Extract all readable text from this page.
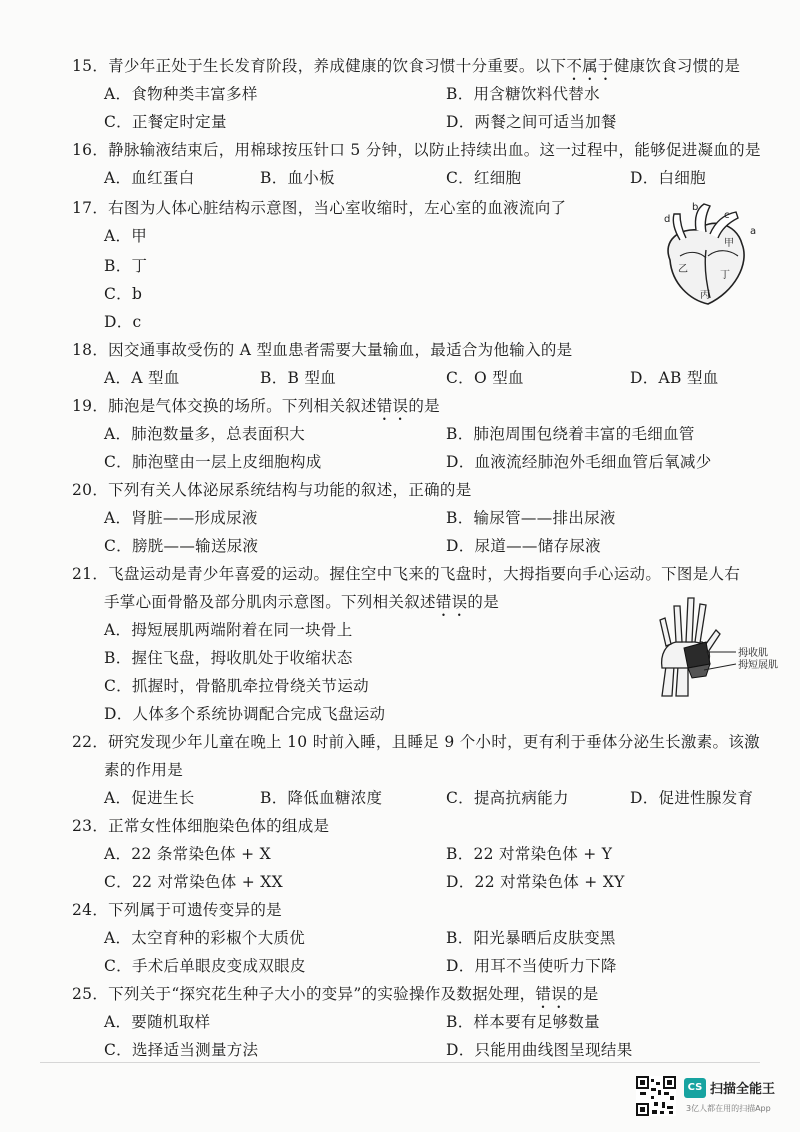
15．青少年正处于生长发育阶段，养成健康的饮食习惯十分重要。以下不属于健康饮食习惯的是
A．食物种类丰富多样	B．用含糖饮料代替水
C．正餐定时定量	D．两餐之间可适当加餐
16．静脉输液结束后，用棉球按压针口 5 分钟，以防止持续出血。这一过程中，能够促进凝血的是
A．血红蛋白	B．血小板	C．红细胞	D．白细胞
17．右图为人体心脏结构示意图，当心室收缩时，左心室的血液流向了
A．甲
B．丁
C．b
D．c
d
b
c
a
甲
乙
丙
丁
18．因交通事故受伤的 A 型血患者需要大量输血，最适合为他输入的是
A．A 型血	B．B 型血	C．O 型血	D．AB 型血
19．肺泡是气体交换的场所。下列相关叙述错误的是
A．肺泡数量多，总表面积大	B．肺泡周围包绕着丰富的毛细血管
C．肺泡壁由一层上皮细胞构成	D．血液流经肺泡外毛细血管后氧减少
20．下列有关人体泌尿系统结构与功能的叙述，正确的是
A．肾脏——形成尿液	B．输尿管——排出尿液
C．膀胱——输送尿液	D．尿道——储存尿液
21．飞盘运动是青少年喜爱的运动。握住空中飞来的飞盘时，大拇指要向手心运动。下图是人右
手掌心面骨骼及部分肌肉示意图。下列相关叙述错误的是
A．拇短展肌两端附着在同一块骨上
B．握住飞盘，拇收肌处于收缩状态
C．抓握时，骨骼肌牵拉骨绕关节运动
D．人体多个系统协调配合完成飞盘运动
拇收肌
拇短展肌
22．研究发现少年儿童在晚上 10 时前入睡，且睡足 9 个小时，更有利于垂体分泌生长激素。该激
素的作用是
A．促进生长	B．降低血糖浓度	C．提高抗病能力	D．促进性腺发育
23．正常女性体细胞染色体的组成是
A．22 条常染色体 + X	B．22 对常染色体 + Y
C．22 对常染色体 + XX	D．22 对常染色体 + XY
24．下列属于可遗传变异的是
A．太空育种的彩椒个大质优	B．阳光暴晒后皮肤变黑
C．手术后单眼皮变成双眼皮	D．用耳不当使听力下降
25．下列关于“探究花生种子大小的变异”的实验操作及数据处理，错误的是
A．要随机取样	B．样本要有足够数量
C．选择适当测量方法	D．只能用曲线图呈现结果
CS 扫描全能王
3亿人都在用的扫描App
